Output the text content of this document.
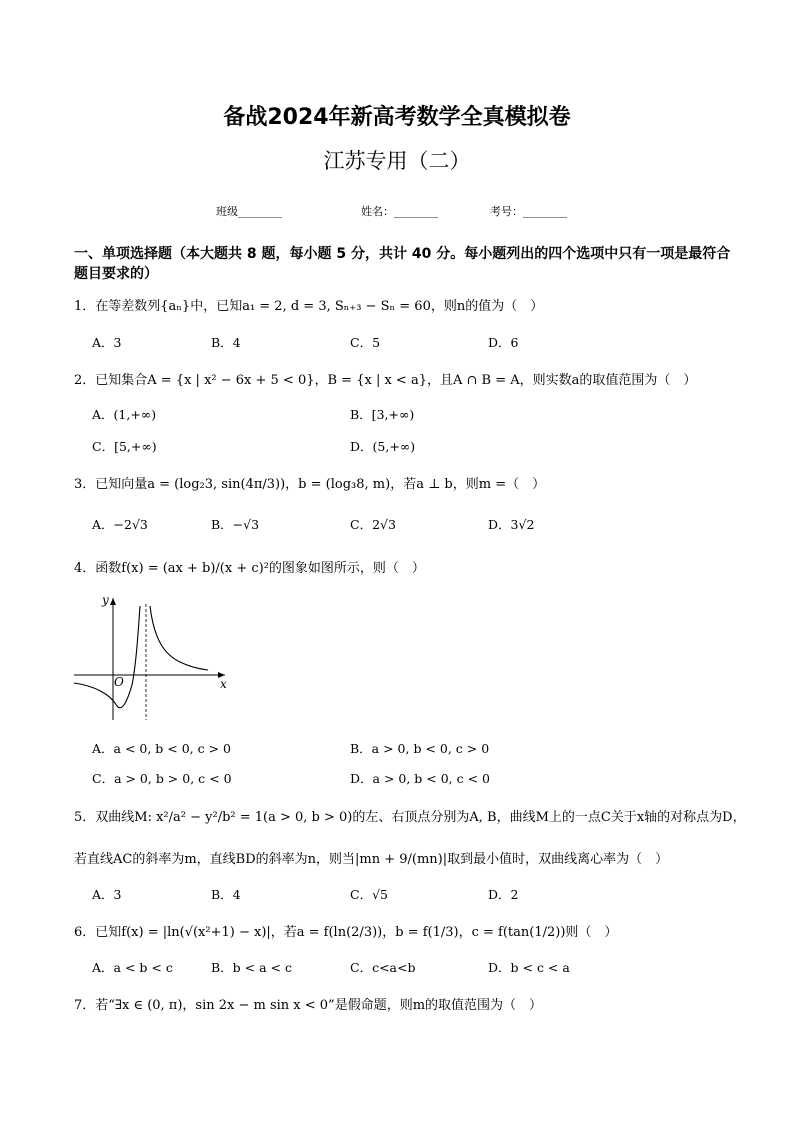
备战2024年新高考数学全真模拟卷
江苏专用（二）
班级________	姓名：________	考号：________
一、单项选择题（本大题共 8 题，每小题 5 分，共计 40 分。每小题列出的四个选项中只有一项是最符合题目要求的）
1．在等差数列{aₙ}中，已知a₁ = 2, d = 3, Sₙ₊₃ − Sₙ = 60，则n的值为（　）
A．3	B．4	C．5	D．6
2．已知集合A = {x | x² − 6x + 5 < 0}，B = {x | x < a}，且A ∩ B = A，则实数a的取值范围为（　）
A．(1,+∞)	B．[3,+∞)
C．[5,+∞)	D．(5,+∞)
3．已知向量a = (log₂3, sin(4π/3))，b = (log₃8, m)，若a ⊥ b，则m =（　）
A．−2√3	B．−√3	C．2√3	D．3√2
4．函数f(x) = (ax + b)/(x + c)²的图象如图所示，则（　）
y
x
O
A．a < 0, b < 0, c > 0	B．a > 0, b < 0, c > 0
C．a > 0, b > 0, c < 0	D．a > 0, b < 0, c < 0
5．双曲线M: x²/a² − y²/b² = 1(a > 0, b > 0)的左、右顶点分别为A, B，曲线M上的一点C关于x轴的对称点为D，
若直线AC的斜率为m，直线BD的斜率为n，则当|mn + 9/(mn)|取到最小值时，双曲线离心率为（　）
A．3	B．4	C．√5	D．2
6．已知f(x) = |ln(√(x²+1) − x)|，若a = f(ln(2/3))，b = f(1/3)，c = f(tan(1/2))则（　）
A．a < b < c	B．b < a < c	C．c<a<b	D．b < c < a
7．若“∃x ∈ (0, π)，sin 2x − m sin x < 0”是假命题，则m的取值范围为（　）
